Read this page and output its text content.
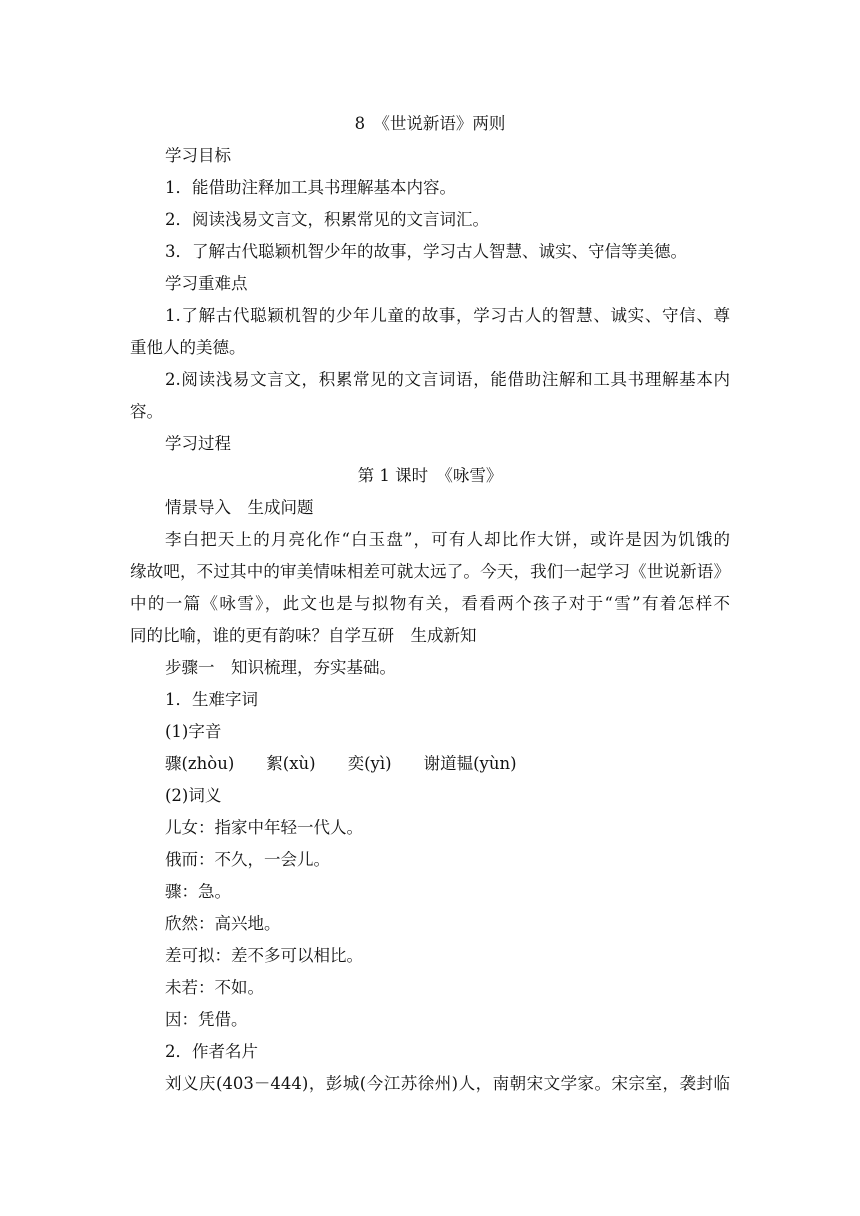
8　《世说新语》两则
学习目标
1．能借助注释加工具书理解基本内容。
2．阅读浅易文言文，积累常见的文言词汇。
3．了解古代聪颖机智少年的故事，学习古人智慧、诚实、守信等美德。
学习重难点
1.了解古代聪颖机智的少年儿童的故事，学习古人的智慧、诚实、守信、尊
重他人的美德。
2.阅读浅易文言文，积累常见的文言词语，能借助注解和工具书理解基本内
容。
学习过程
第 1 课时　《咏雪》
情景导入　生成问题
李白把天上的月亮化作“白玉盘”，可有人却比作大饼，或许是因为饥饿的
缘故吧，不过其中的审美情味相差可就太远了。今天，我们一起学习《世说新语》
中的一篇《咏雪》，此文也是与拟物有关，看看两个孩子对于“雪”有着怎样不
同的比喻，谁的更有韵味？自学互研　生成新知
步骤一　知识梳理，夯实基础。
1．生难字词
(1)字音
骤(zhòu) 絮(xù) 奕(yì) 谢道韫(yùn)
(2)词义
儿女：指家中年轻一代人。
俄而：不久，一会儿。
骤：急。
欣然：高兴地。
差可拟：差不多可以相比。
未若：不如。
因：凭借。
2．作者名片
刘义庆(403－444)，彭城(今江苏徐州)人，南朝宋文学家。宋宗室，袭封临
